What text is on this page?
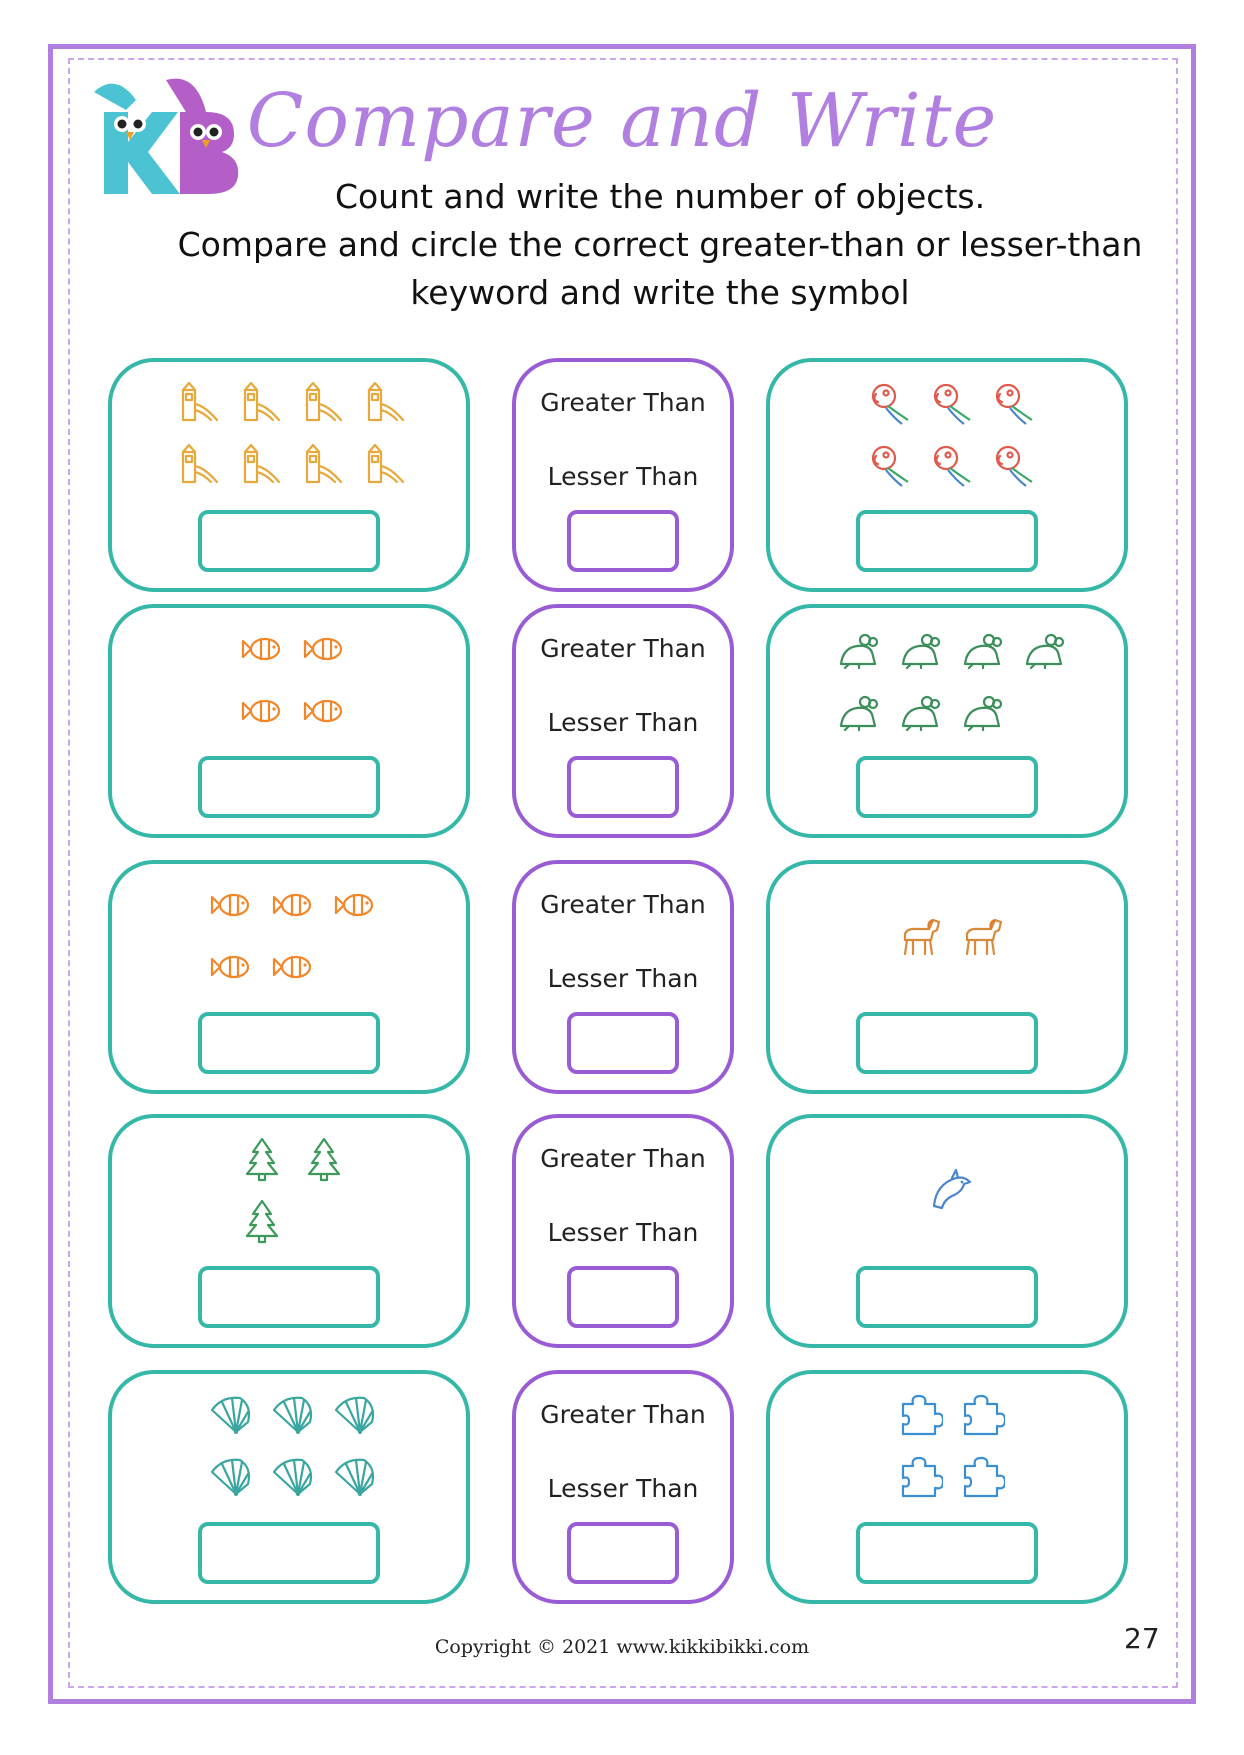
Compare and Write
Count and write the number of objects.
Compare and circle the correct greater-than or lesser-than
keyword and write the symbol
Greater Than
Lesser Than
Greater Than
Lesser Than
Greater Than
Lesser Than
Greater Than
Lesser Than
Greater Than
Lesser Than
Copyright © 2021 www.kikkibikki.com	27
